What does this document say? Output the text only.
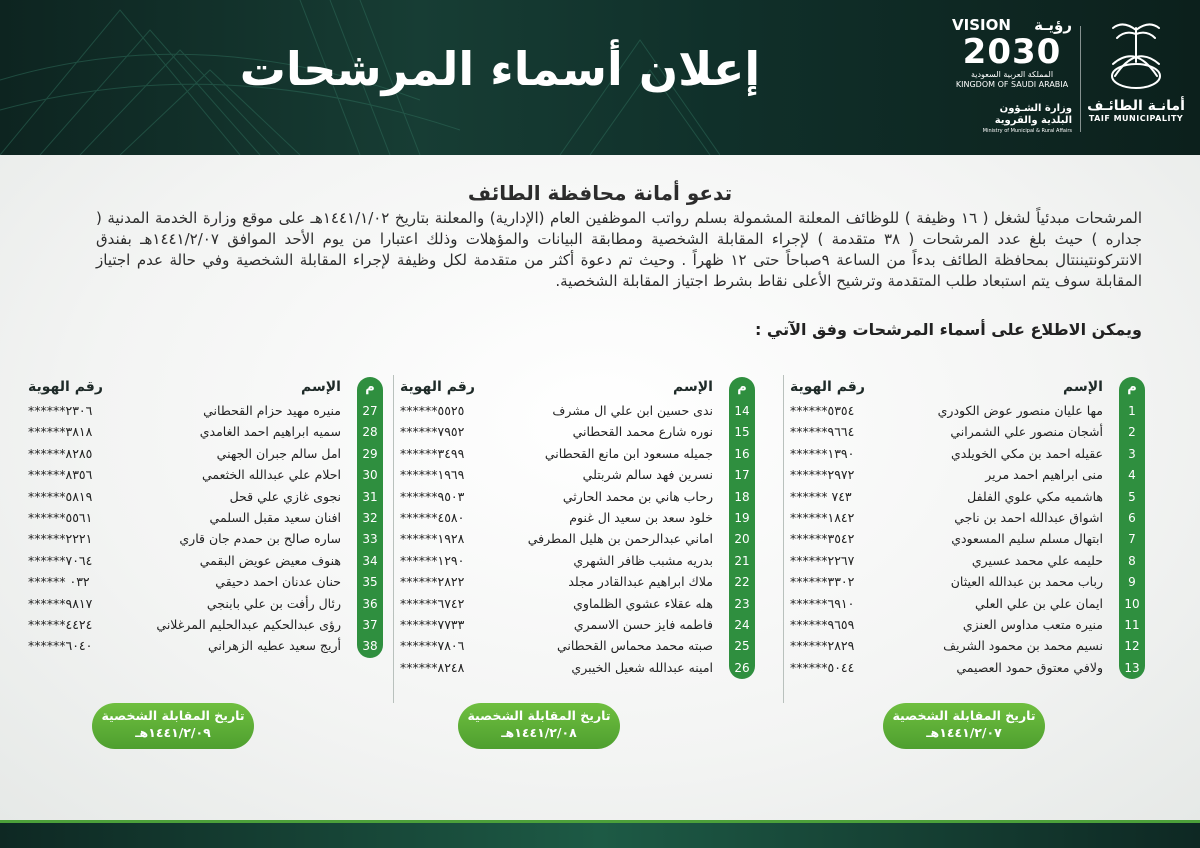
إعلان أسماء المرشحات
VISION رؤيـة
2030
المملكة العربية السعودية
KINGDOM OF SAUDI ARABIA
وزارة الشـؤون
البلدية والقروية
Ministry of Municipal & Rural Affairs
أمانـة الطائـف
TAIF MUNICIPALITY
تدعو أمانة محافظة الطائف
المرشحات مبدئياً لشغل ( ١٦ وظيفة ) للوظائف المعلنة المشمولة بسلم رواتب الموظفين العام (الإدارية) والمعلنة بتاريخ ١٤٤١/١/٠٢هـ على موقع وزارة الخدمة المدنية ( جداره ) حيث بلغ عدد المرشحات ( ٣٨ متقدمة ) لإجراء المقابلة الشخصية ومطابقة البيانات والمؤهلات وذلك اعتبارا من يوم الأحد الموافق ١٤٤١/٢/٠٧هـ بفندق الانتركونتيننتال بمحافظة الطائف بدءاً من الساعة ٩صباحاً حتى ١٢ ظهراً . وحيث تم دعوة أكثر من متقدمة لكل وظيفة لإجراء المقابلة الشخصية وفي حالة عدم اجتياز المقابلة سوف يتم استبعاد طلب المتقدمة وترشيح الأعلى نقاط بشرط اجتياز المقابلة الشخصية.
ويمكن الاطلاع على أسماء المرشحات وفق الآتي :
م
الإسم
رقم الهوية
1
مها عليان منصور عوض الكودري
******٥٣٥٤
2
أشجان منصور علي الشمراني
******٩٦٦٤
3
عقيله احمد بن مكي الخويلدي
******١٣٩٠
4
منى ابراهيم احمد مرير
******٢٩٧٢
5
هاشميه مكي علوي الفلفل
****** ٧٤٣
6
اشواق عبدالله احمد بن ناجي
******١٨٤٢
7
ابتهال مسلم سليم المسعودي
******٣٥٤٢
8
حليمه علي محمد عسيري
******٢٢٦٧
9
رباب محمد بن عبدالله العيثان
******٣٣٠٢
10
ايمان علي بن علي العلي
******٦٩١٠
11
منيره متعب مداوس العنزي
******٩٦٥٩
12
نسيم محمد بن محمود الشريف
******٢٨٢٩
13
ولافي معتوق حمود العصيمي
******٥٠٤٤
م
الإسم
رقم الهوية
14
ندى حسين ابن علي ال مشرف
******٥٥٢٥
15
نوره شارع محمد القحطاني
******٧٩٥٢
16
جميله مسعود ابن مانع القحطاني
******٣٤٩٩
17
نسرين فهد سالم شربتلي
******١٩٦٩
18
رحاب هاني بن محمد الحارثي
******٩٥٠٣
19
خلود سعد بن سعيد ال غنوم
******٤٥٨٠
20
اماني عبدالرحمن بن هليل المطرفي
******١٩٢٨
21
بدريه مشبب ظافر الشهري
******١٢٩٠
22
ملاك ابراهيم عبدالقادر مجلد
******٢٨٢٢
23
هله عقلاء عشوي الظلماوي
******٦٧٤٢
24
فاطمه فايز حسن الاسمري
******٧٧٣٣
25
صبته محمد محماس القحطاني
******٧٨٠٦
26
امينه عبدالله شعيل الخيبري
******٨٢٤٨
م
الإسم
رقم الهوية
27
منيره مهيد حزام القحطاني
******٢٣٠٦
28
سميه ابراهيم احمد الغامدي
******٣٨١٨
29
امل سالم جبران الجهني
******٨٢٨٥
30
احلام علي عبدالله الخثعمي
******٨٣٥٦
31
نجوى غازي علي قحل
******٥٨١٩
32
افنان سعيد مقبل السلمي
******٥٥٦١
33
ساره صالح بن حمدم جان قاري
******٢٢٢١
34
هنوف معيض عويض البقمي
******٧٠٦٤
35
حنان عدنان احمد دحيقي
****** ٠٣٢
36
رئال رأفت بن علي بابنجي
******٩٨١٧
37
رؤى عبدالحكيم عبدالحليم المرغلاني
******٤٤٢٤
38
أريج سعيد عطيه الزهراني
******٦٠٤٠
تاريخ المقابلة الشخصية
١٤٤١/٢/٠٧هـ
تاريخ المقابلة الشخصية
١٤٤١/٢/٠٨هـ
تاريخ المقابلة الشخصية
١٤٤١/٢/٠٩هـ
